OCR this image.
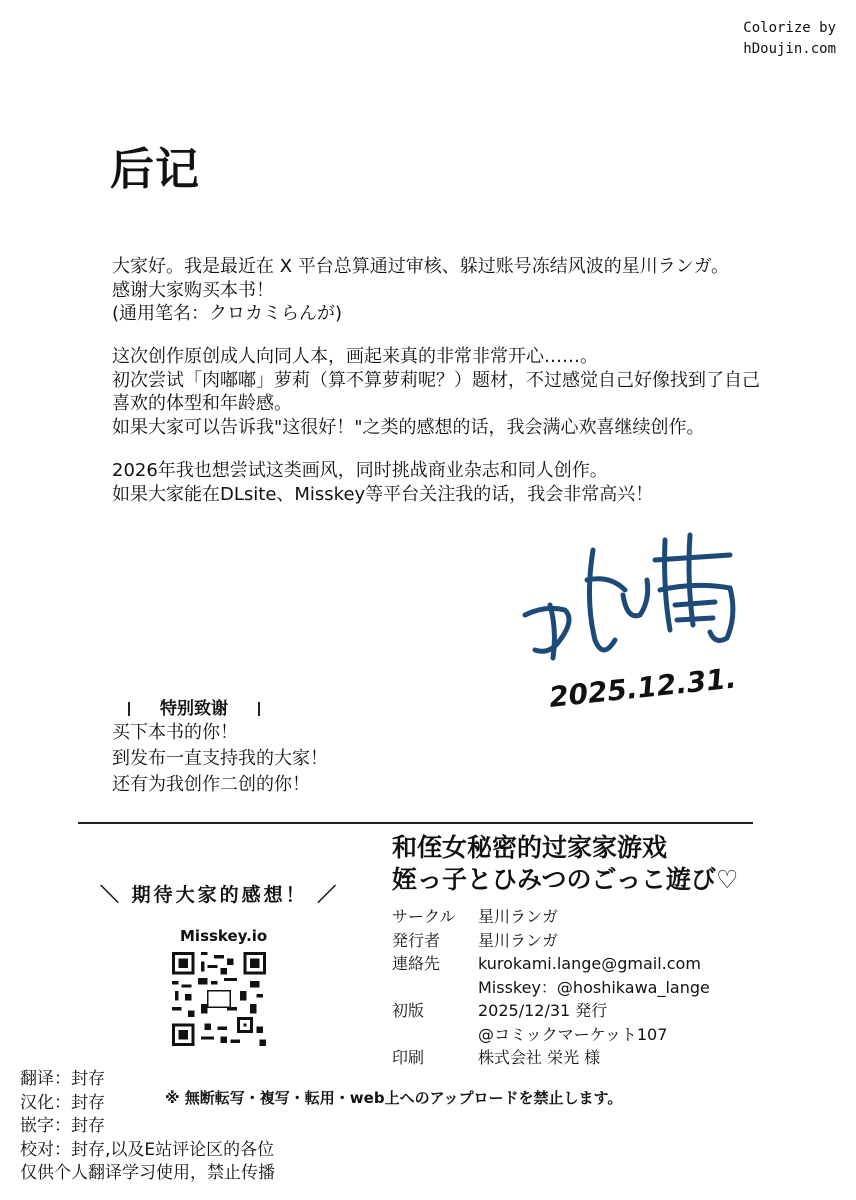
Colorize by
hDoujin.com
后记
大家好。我是最近在 X 平台总算通过审核、躲过账号冻结风波的星川ランガ。
感谢大家购买本书！
(通用笔名：クロカミらんが)
这次创作原创成人向同人本，画起来真的非常非常开心……。
初次尝试「肉嘟嘟」萝莉（算不算萝莉呢？）题材，不过感觉自己好像找到了自己
喜欢的体型和年龄感。
如果大家可以告诉我"这很好！"之类的感想的话，我会满心欢喜继续创作。
2026年我也想尝试这类画风，同时挑战商业杂志和同人创作。
如果大家能在DLsite、Misskey等平台关注我的话，我会非常高兴！
2025.12.31.
特别致谢
买下本书的你！
到发布一直支持我的大家！
还有为我创作二创的你！
和侄女秘密的过家家游戏
姪っ子とひみつのごっこ遊び♡
サークル	星川ランガ
発行者	星川ランガ
連絡先	kurokami.lange@gmail.com
Misskey：@hoshikawa_lange
初版	2025/12/31 発行
@コミックマーケット107
印刷	株式会社 栄光 様
＼ 期待大家的感想！ ／
Misskey.io
翻译：封存
汉化：封存
嵌字：封存
校对：封存,以及E站评论区的各位
仅供个人翻译学习使用，禁止传播
※ 無断転写・複写・転用・web上へのアップロードを禁止します。
